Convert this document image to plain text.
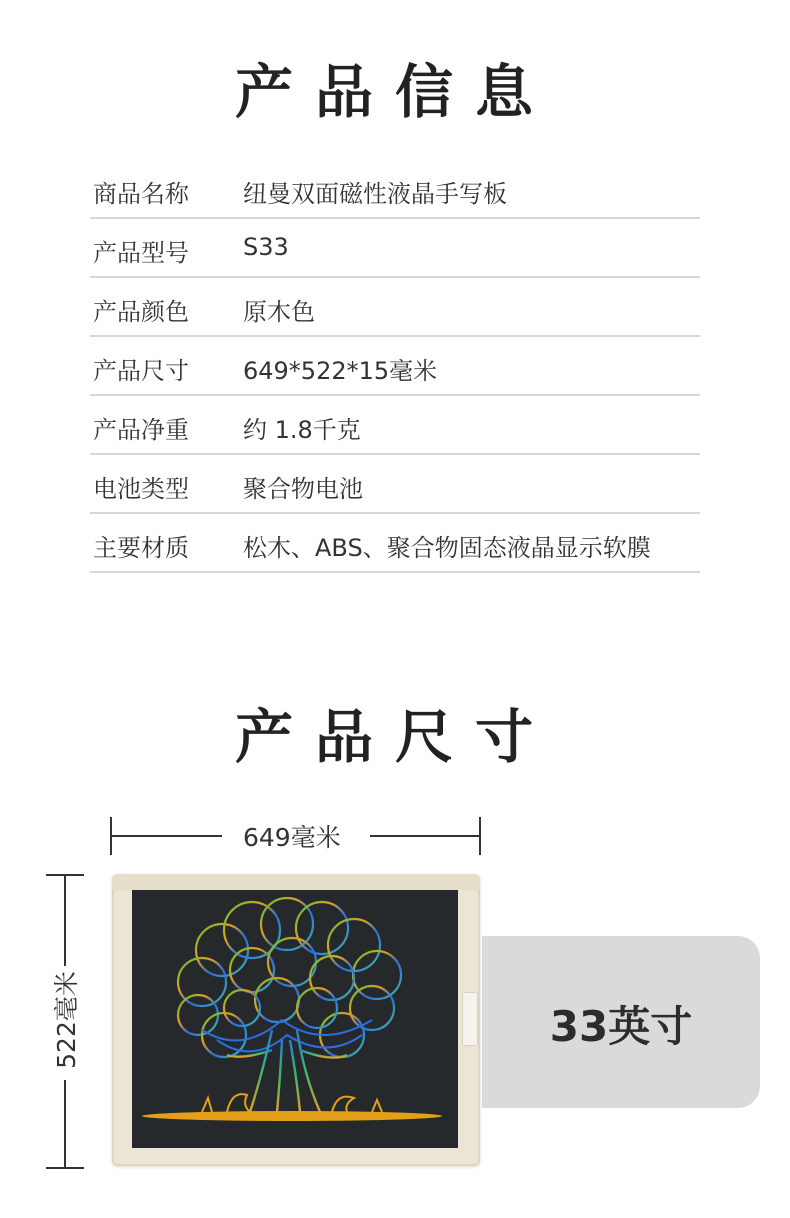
产品信息
商品名称 纽曼双面磁性液晶手写板
产品型号 S33
产品颜色 原木色
产品尺寸 649*522*15毫米
产品净重 约 1.8千克
电池类型 聚合物电池
主要材质 松木、ABS、聚合物固态液晶显示软膜
产品尺寸
649毫米
522毫米	33英寸
